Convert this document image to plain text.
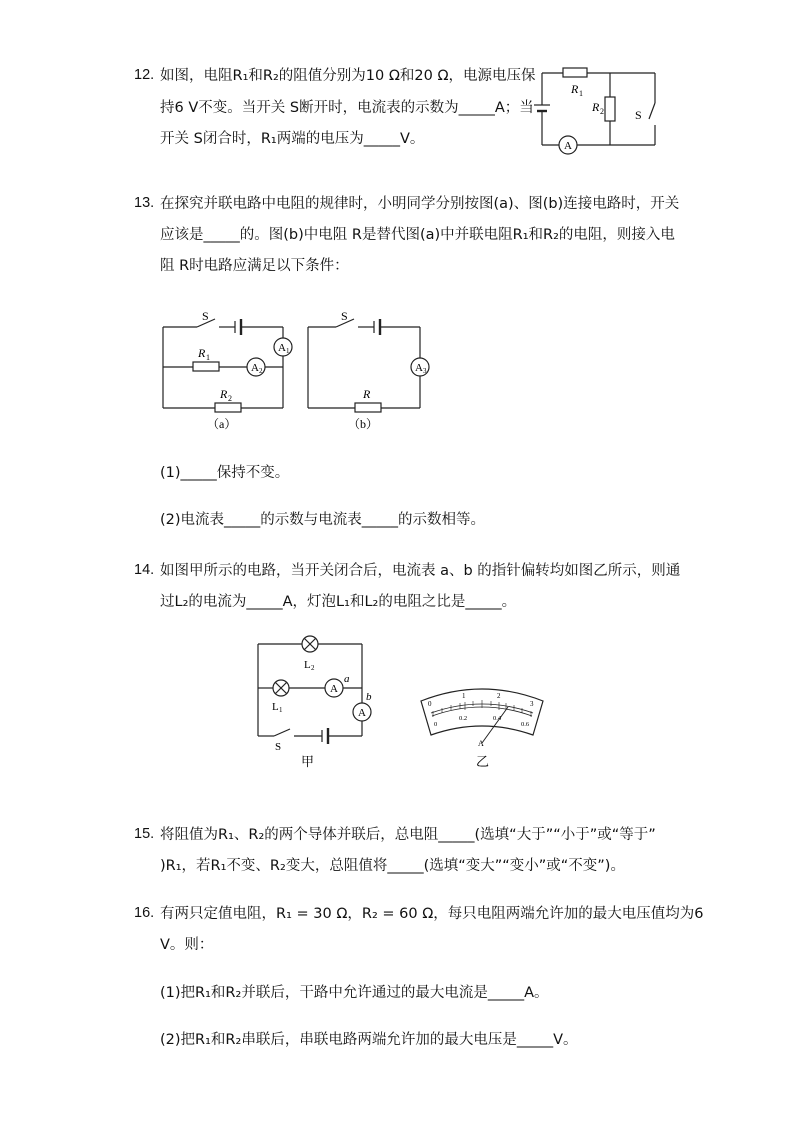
12. 如图，电阻R₁和R₂的阻值分别为10 Ω和20 Ω，电源电压保
持6 V不变。当开关 S断开时，电流表的示数为_____A；当
开关 S闭合时，R₁两端的电压为_____V。
R 1
R 2	S
A
13. 在探究并联电路中电阻的规律时，小明同学分别按图(a)、图(b)连接电路时，开关
应该是_____的。图(b)中电阻 R是替代图(a)中并联电阻R₁和R₂的电阻，则接入电
阻 R时电路应满足以下条件：
S
R 1
R 2
A 1
A 2
（a）
S
R
A 3
（b）
(1)_____保持不变。
(2)电流表_____的示数与电流表_____的示数相等。
14. 如图甲所示的电路，当开关闭合后，电流表 a、b 的指针偏转均如图乙所示，则通
过L₂的电流为_____A，灯泡L₁和L₂的电阻之比是_____。
L 2
L 1
A
a
A
b
S
甲
0
1	2
3
0
0.2	0.4
0.6
A
乙
15. 将阻值为R₁、R₂的两个导体并联后，总电阻_____(选填“大于”“小于”或“等于”
)R₁，若R₁不变、R₂变大，总阻值将_____(选填“变大”“变小”或“不变”)。
16. 有两只定值电阻，R₁ = 30 Ω，R₂ = 60 Ω，每只电阻两端允许加的最大电压值均为6
V。则：
(1)把R₁和R₂并联后，干路中允许通过的最大电流是_____A。
(2)把R₁和R₂串联后，串联电路两端允许加的最大电压是_____V。
